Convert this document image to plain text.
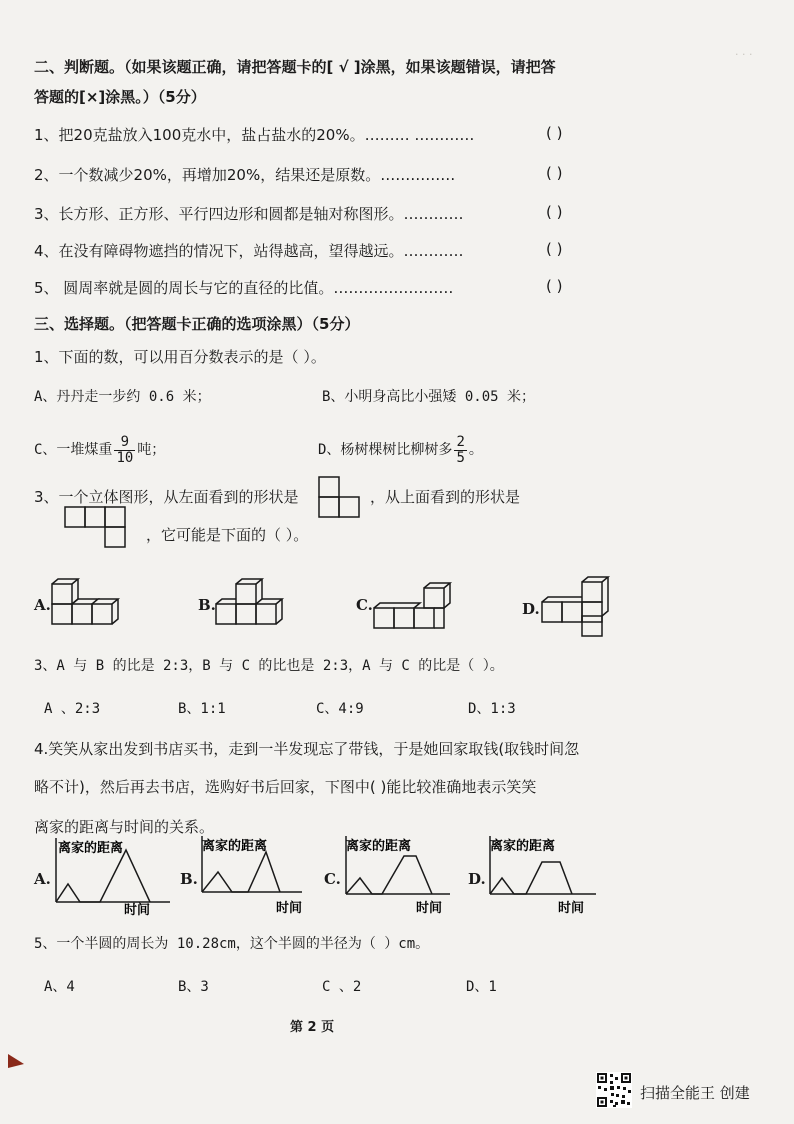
· · ·
二、判断题。（如果该题正确，请把答题卡的[ √ ]涂黑，如果该题错误，请把答
答题的[×]涂黑。）（5分）
1、把20克盐放入100克水中，盐占盐水的20%。……… …………	( )
2、一个数减少20%，再增加20%，结果还是原数。……………	( )
3、长方形、正方形、平行四边形和圆都是轴对称图形。…………	( )
4、在没有障碍物遮挡的情况下，站得越高，望得越远。…………	( )
5、 圆周率就是圆的周长与它的直径的比值。……………………	( )
三、选择题。（把答题卡正确的选项涂黑）（5分）
1、下面的数，可以用百分数表示的是（ ）。
A、丹丹走一步约 0.6 米；	B、小明身高比小强矮 0.05 米；
C、一堆煤重 $\frac{9}{10}$ 吨；	D、杨树棵树比柳树多 $\frac{2}{5}$ 。
3、一个立体图形，从左面看到的形状是	，从上面看到的形状是
，它可能是下面的（ ）。
A.	B.	C.	D.
3、A 与 B 的比是 2:3，B 与 C 的比也是 2:3，A 与 C 的比是（ ）。
A 、2:3	B、1:1	C、4:9	D、1:3
4.笑笑从家出发到书店买书，走到一半发现忘了带钱，于是她回家取钱(取钱时间忽
略不计)，然后再去书店，选购好书后回家，下图中( )能比较准确地表示笑笑
离家的距离与时间的关系。
A.
离家的距离
时间
B.
离家的距离
时间
C.
离家的距离
时间
D.
离家的距离
时间
5、一个半圆的周长为 10.28cm，这个半圆的半径为（ ）cm。
A、4	B、3	C 、2	D、1
第 2 页
扫描全能王 创建
